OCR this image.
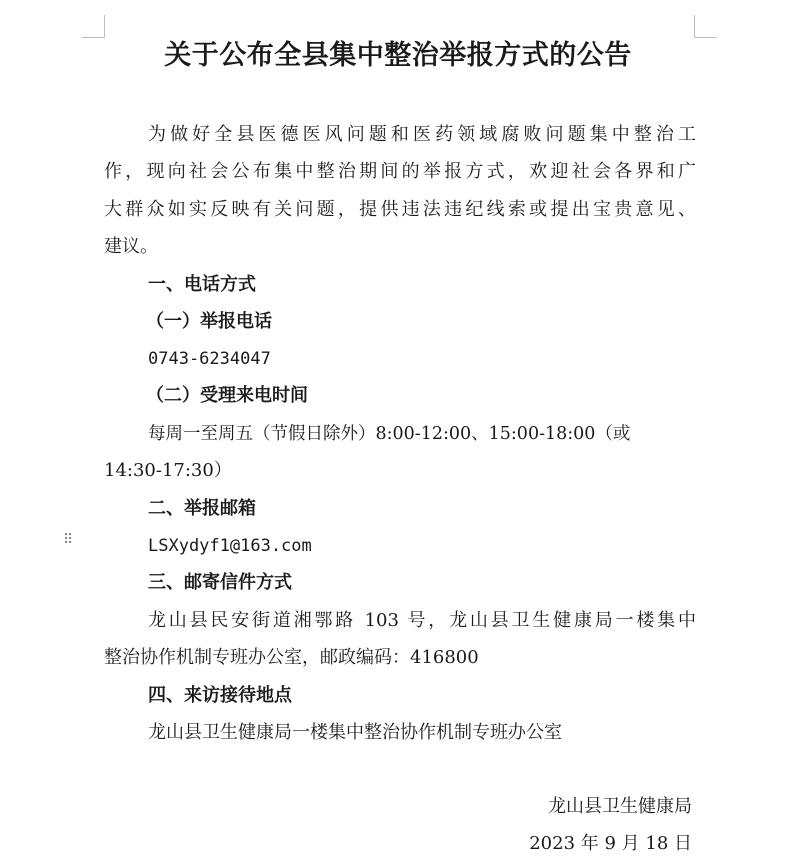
⠿
关于公布全县集中整治举报方式的公告
为做好全县医德医风问题和医药领域腐败问题集中整治工
作，现向社会公布集中整治期间的举报方式，欢迎社会各界和广
大群众如实反映有关问题，提供违法违纪线索或提出宝贵意见、
建议。
一、电话方式
（一）举报电话
0743-6234047
（二）受理来电时间
每周一至周五（节假日除外）8:00-12:00、15:00-18:00（或
14:30-17:30）
二、举报邮箱
LSXydyf1@163.com
三、邮寄信件方式
龙山县民安街道湘鄂路 103 号，龙山县卫生健康局一楼集中
整治协作机制专班办公室，邮政编码：416800
四、来访接待地点
龙山县卫生健康局一楼集中整治协作机制专班办公室
龙山县卫生健康局
2023 年 9 月 18 日
